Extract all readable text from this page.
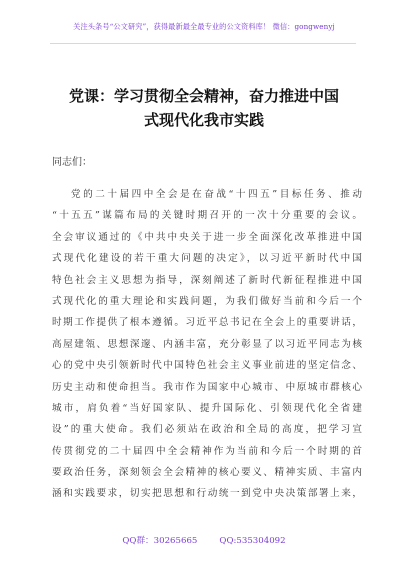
关注头条号“公文研究”，获得最新最全最专业的公文资料库！ 微信：gongwenyj
党课：学习贯彻全会精神，奋力推进中国
式现代化我市实践
同志们：
党的二十届四中全会是在奋战“十四五”目标任务、推动
“十五五”谋篇布局的关键时期召开的一次十分重要的会议。
全会审议通过的《中共中央关于进一步全面深化改革推进中国
式现代化建设的若干重大问题的决定》，以习近平新时代中国
特色社会主义思想为指导，深刻阐述了新时代新征程推进中国
式现代化的重大理论和实践问题，为我们做好当前和今后一个
时期工作提供了根本遵循。习近平总书记在全会上的重要讲话，
高屋建瓴、思想深邃、内涵丰富，充分彰显了以习近平同志为核
心的党中央引领新时代中国特色社会主义事业前进的坚定信念、
历史主动和使命担当。我市作为国家中心城市、中原城市群核心
城市，肩负着“当好国家队、提升国际化、引领现代化全省建
设”的重大使命。我们必须站在政治和全局的高度，把学习宣
传贯彻党的二十届四中全会精神作为当前和今后一个时期的首
要政治任务，深刻领会全会精神的核心要义、精神实质、丰富内
涵和实践要求，切实把思想和行动统一到党中央决策部署上来，
QQ群：30265665	QQ:535304092
